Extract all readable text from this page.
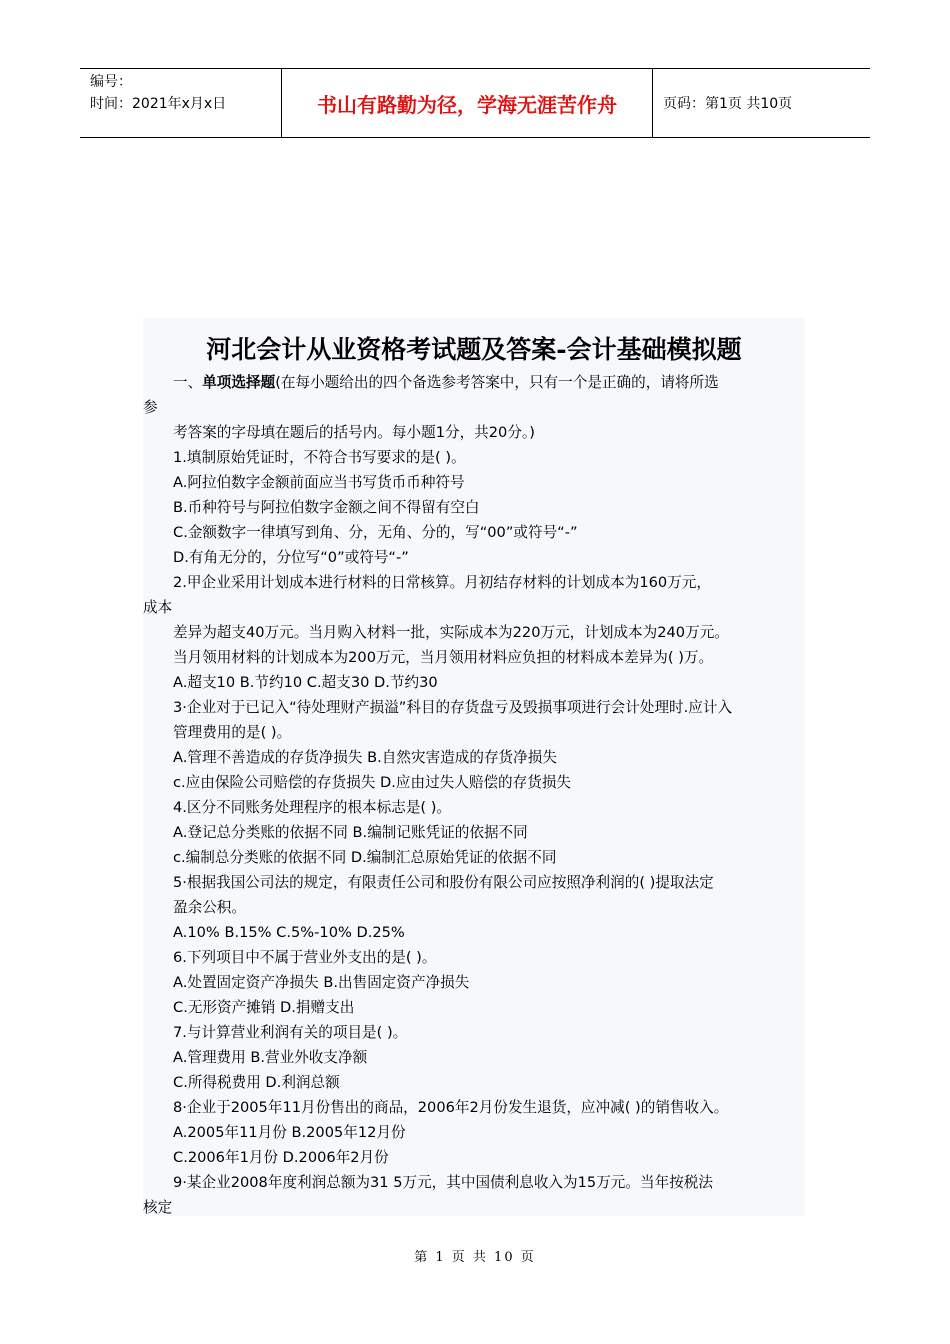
编号：
时间：2021年x月x日	书山有路勤为径，学海无涯苦作舟	页码：第1页 共10页
河北会计从业资格考试题及答案-会计基础模拟题
一、单项选择题(在每小题给出的四个备选参考答案中，只有一个是正确的，请将所选
参
考答案的字母填在题后的括号内。每小题1分，共20分。)
1.填制原始凭证时，不符合书写要求的是( )。
A.阿拉伯数字金额前面应当书写货币币种符号
B.币种符号与阿拉伯数字金额之间不得留有空白
C.金额数字一律填写到角、分，无角、分的，写“00”或符号“-”
D.有角无分的，分位写“0”或符号“-”
2.甲企业采用计划成本进行材料的日常核算。月初结存材料的计划成本为160万元，
成本
差异为超支40万元。当月购入材料一批，实际成本为220万元，计划成本为240万元。
当月领用材料的计划成本为200万元，当月领用材料应负担的材料成本差异为( )万。
A.超支10 B.节约10 C.超支30 D.节约30
3·企业对于已记入“待处理财产损溢”科目的存货盘亏及毁损事项进行会计处理时.应计入
管理费用的是( )。
A.管理不善造成的存货净损失 B.自然灾害造成的存货净损失
c.应由保险公司赔偿的存货损失 D.应由过失人赔偿的存货损失
4.区分不同账务处理程序的根本标志是( )。
A.登记总分类账的依据不同 B.编制记账凭证的依据不同
c.编制总分类账的依据不同 D.编制汇总原始凭证的依据不同
5·根据我国公司法的规定，有限责任公司和股份有限公司应按照净利润的( )提取法定
盈余公积。
A.10% B.15% C.5%-10% D.25%
6.下列项目中不属于营业外支出的是( )。
A.处置固定资产净损失 B.出售固定资产净损失
C.无形资产摊销 D.捐赠支出
7.与计算营业利润有关的项目是( )。
A.管理费用 B.营业外收支净额
C.所得税费用 D.利润总额
8·企业于2005年11月份售出的商品，2006年2月份发生退货，应冲减( )的销售收入。
A.2005年11月份 B.2005年12月份
C.2006年1月份 D.2006年2月份
9·某企业2008年度利润总额为31 5万元，其中国债利息收入为15万元。当年按税法
核定
第 1 页 共 10 页
